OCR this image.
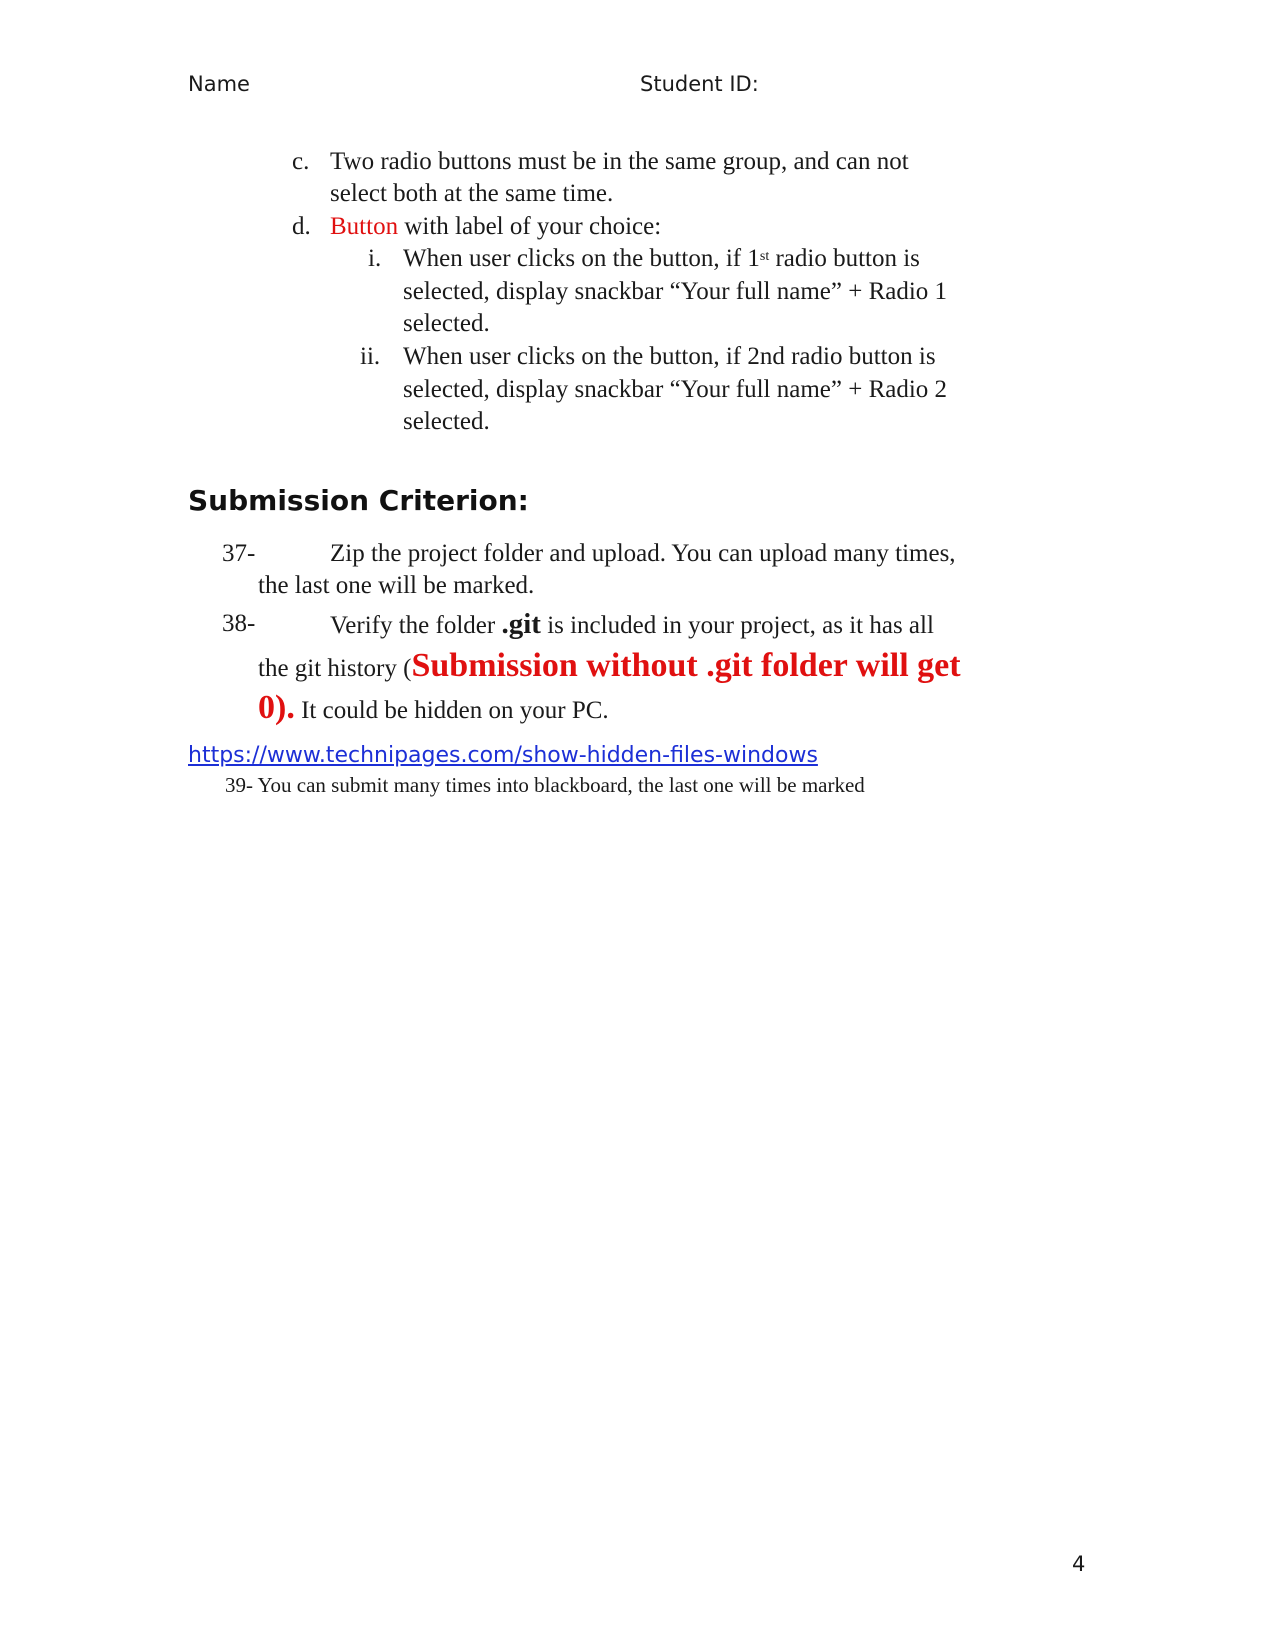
Name	Student ID:
c. Two radio buttons must be in the same group, and can not
select both at the same time.
d. Button with label of your choice:
i. When user clicks on the button, if 1st radio button is
selected, display snackbar “Your full name” + Radio 1
selected.
ii. When user clicks on the button, if 2nd radio button is
selected, display snackbar “Your full name” + Radio 2
selected.
Submission Criterion:
37-	Zip the project folder and upload. You can upload many times,
the last one will be marked.
38-	Verify the folder .git is included in your project, as it has all
the git history (Submission without .git folder will get
0). It could be hidden on your PC.
https://www.technipages.com/show-hidden-files-windows
39- You can submit many times into blackboard, the last one will be marked
4
